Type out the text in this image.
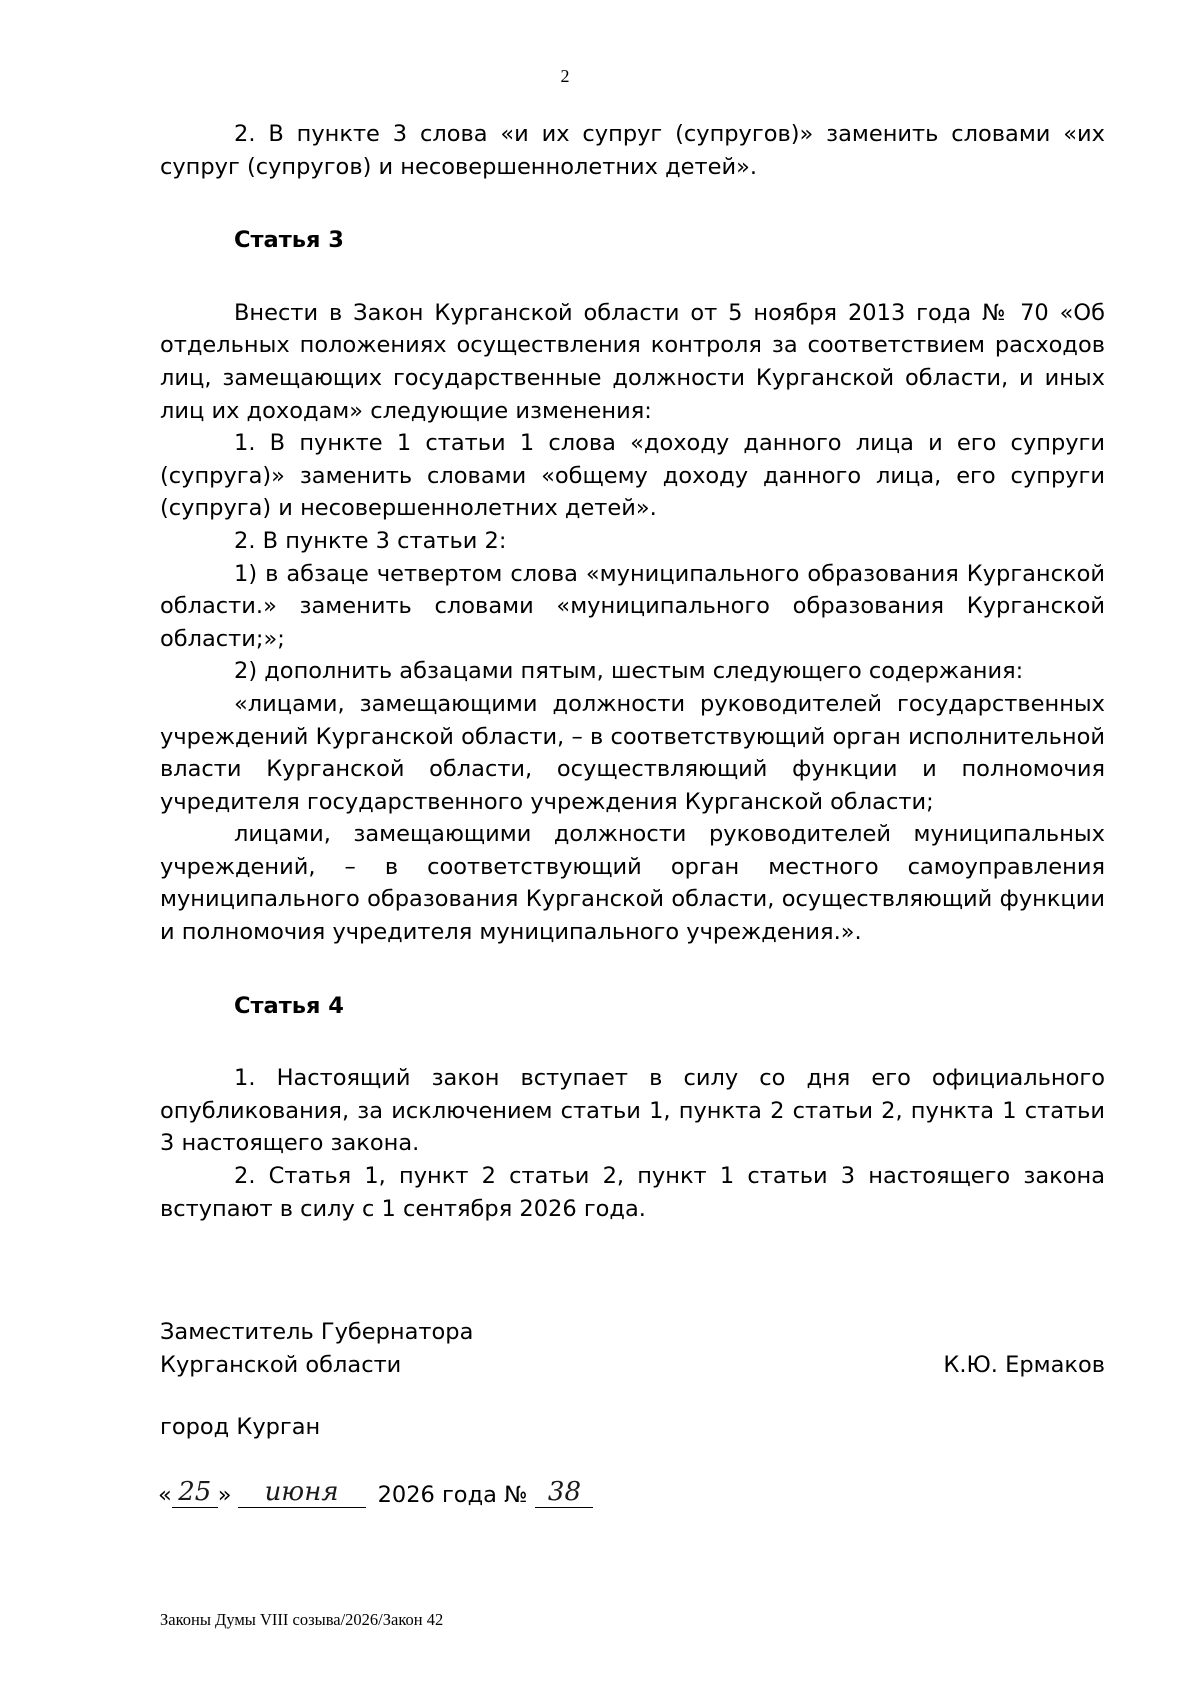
2

2. В пункте 3 слова «и их супруг (супругов)» заменить словами «их супруг (супругов) и несовершеннолетних детей».

Статья 3

Внести в Закон Курганской области от 5 ноября 2013 года № 70 «Об отдельных положениях осуществления контроля за соответствием расходов лиц, замещающих государственные должности Курганской области, и иных лиц их доходам» следующие изменения:

1. В пункте 1 статьи 1 слова «доходу данного лица и его супруги (супруга)» заменить словами «общему доходу данного лица, его супруги (супруга) и несовершеннолетних детей».

2. В пункте 3 статьи 2:

1) в абзаце четвертом слова «муниципального образования Курганской области.» заменить словами «муниципального образования Курганской области;»;

2) дополнить абзацами пятым, шестым следующего содержания:

«лицами, замещающими должности руководителей государственных учреждений Курганской области, – в соответствующий орган исполнительной власти Курганской области, осуществляющий функции и полномочия учредителя государственного учреждения Курганской области;

лицами, замещающими должности руководителей муниципальных учреждений, – в соответствующий орган местного самоуправления муниципального образования Курганской области, осуществляющий функции и полномочия учредителя муниципального учреждения.».

Статья 4

1. Настоящий закон вступает в силу со дня его официального опубликования, за исключением статьи 1, пункта 2 статьи 2, пункта 1 статьи 3 настоящего закона.

2. Статья 1, пункт 2 статьи 2, пункт 1 статьи 3 настоящего закона вступают в силу с 1 сентября 2026 года.

Заместитель Губернатора
Курганской области	К.Ю. Ермаков
город Курган
« 25 »	июня	2026 года № 38
Законы Думы VIII созыва/2026/Закон 42
